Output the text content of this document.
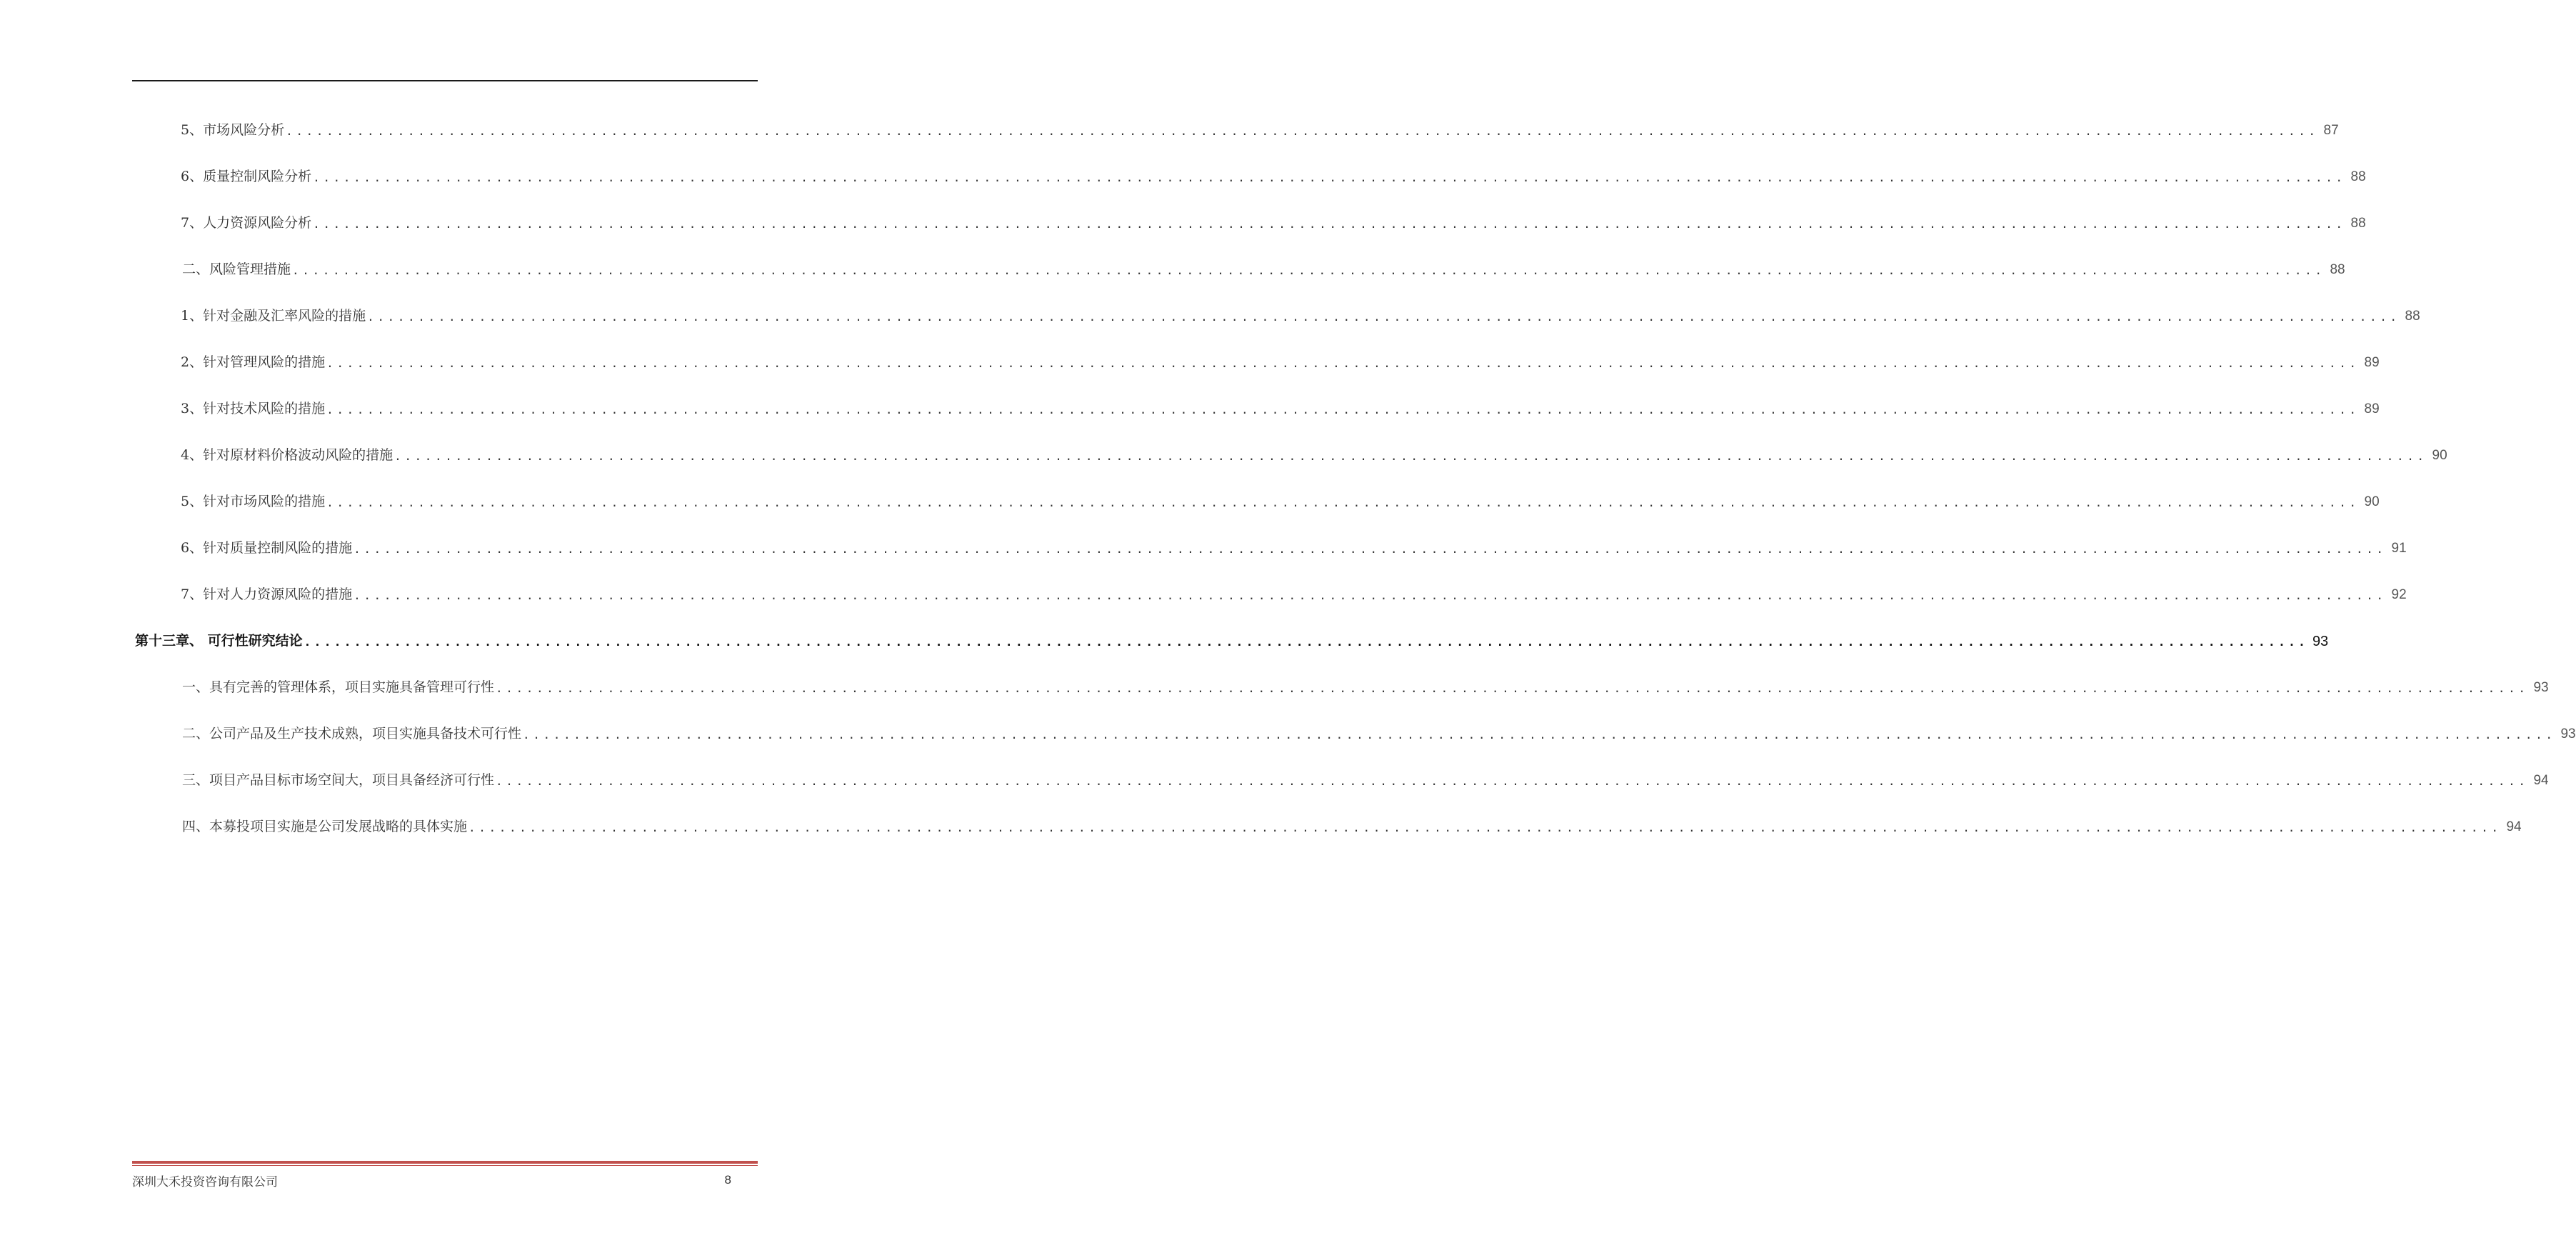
5、市场风险分析 ........................................................................................................................................................................................................ 87
6、质量控制风险分析 ........................................................................................................................................................................................................ 88
7、人力资源风险分析 ........................................................................................................................................................................................................ 88
二、风险管理措施 ........................................................................................................................................................................................................ 88
1、针对金融及汇率风险的措施 ........................................................................................................................................................................................................ 88
2、针对管理风险的措施 ........................................................................................................................................................................................................ 89
3、针对技术风险的措施 ........................................................................................................................................................................................................ 89
4、针对原材料价格波动风险的措施 ........................................................................................................................................................................................................ 90
5、针对市场风险的措施 ........................................................................................................................................................................................................ 90
6、针对质量控制风险的措施 ........................................................................................................................................................................................................ 91
7、针对人力资源风险的措施 ........................................................................................................................................................................................................ 92
第十三章、 可行性研究结论 ........................................................................................................................................................................................................ 93
一、具有完善的管理体系，项目实施具备管理可行性 ........................................................................................................................................................................................................ 93
二、公司产品及生产技术成熟，项目实施具备技术可行性 ........................................................................................................................................................................................................ 93
三、项目产品目标市场空间大，项目具备经济可行性 ........................................................................................................................................................................................................ 94
四、本募投项目实施是公司发展战略的具体实施 ........................................................................................................................................................................................................ 94
深圳大禾投资咨询有限公司	8
